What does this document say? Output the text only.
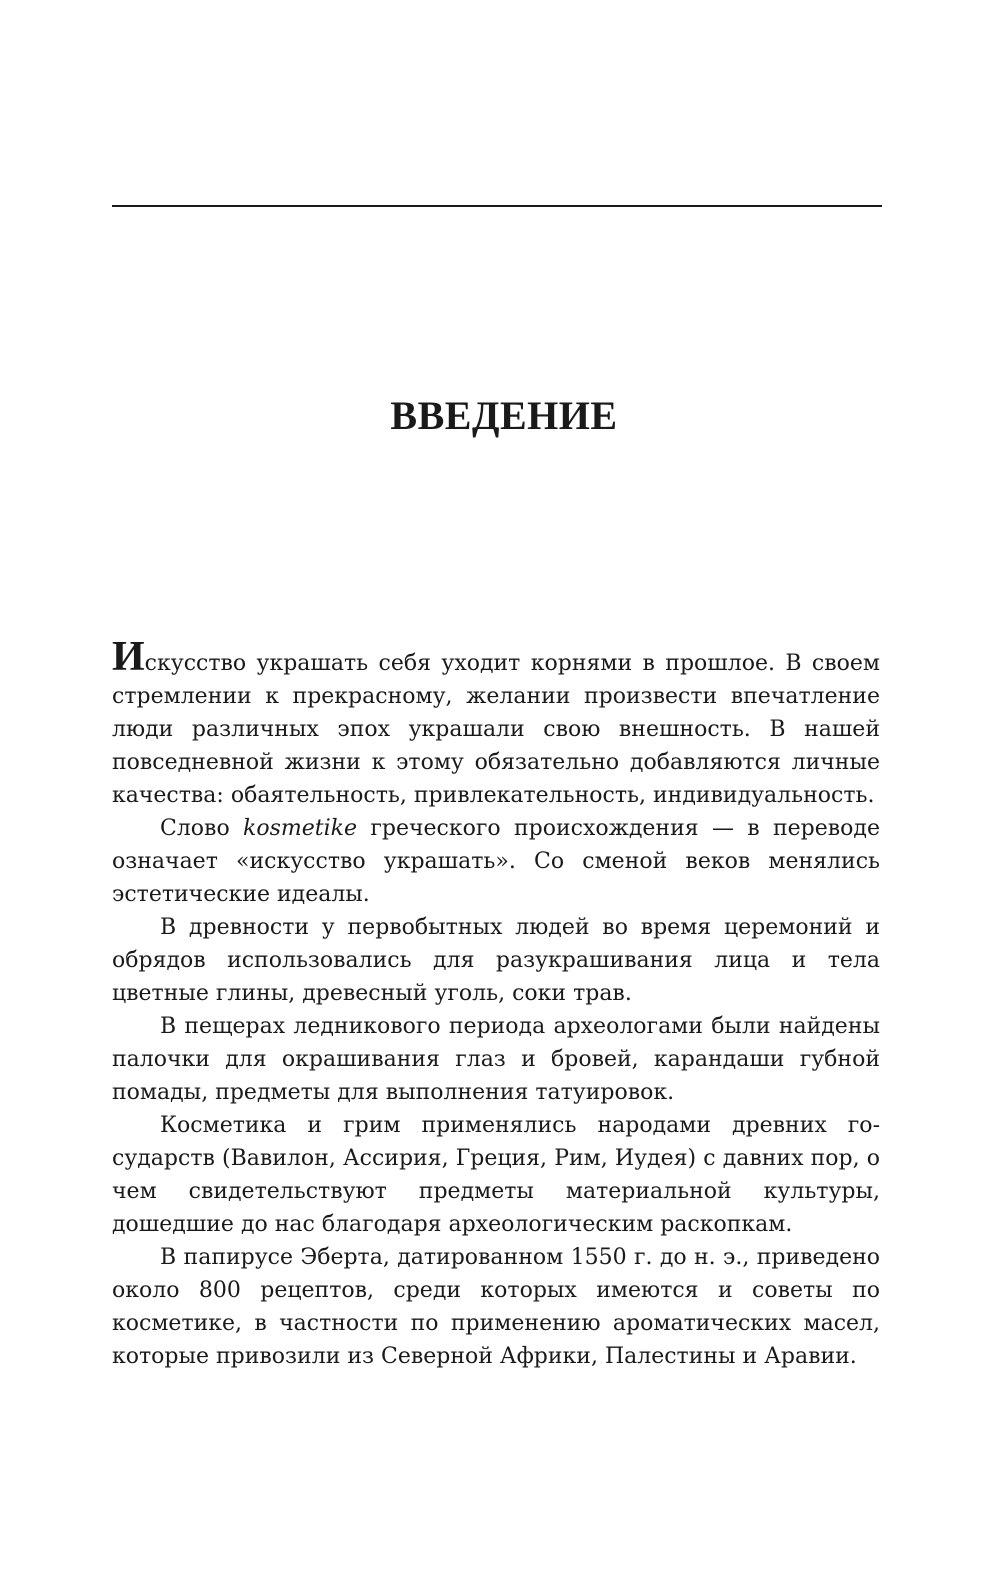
ВВЕДЕНИЕ

Искусство украшать себя уходит корнями в прошлое. В своем стремлении к прекрасному, желании произвести впечатление люди различных эпох украшали свою внешность. В нашей повседневной жизни к этому обязательно добавляются личные качества: обаятельность, привлекательность, индивидуальность.

Слово kosmetike греческого происхождения — в переводе означает «искусство украшать». Со сменой веков менялись эстетические идеалы.

В древности у первобытных людей во время церемоний и обрядов использовались для разукрашивания лица и тела цветные глины, древесный уголь, соки трав.

В пещерах ледникового периода археологами были найдены палочки для окрашивания глаз и бровей, карандаши губной помады, предметы для выполнения татуировок.

Косметика и грим применялись народами древних государств (Вавилон, Ассирия, Греция, Рим, Иудея) с давних пор, о чем свидетельствуют предметы материальной культуры, дошедшие до нас благодаря археологическим раскопкам.

В папирусе Эберта, датированном 1550 г. до н. э., приведено около 800 рецептов, среди которых имеются и советы по косметике, в частности по применению ароматических масел, которые привозили из Северной Африки, Палестины и Аравии.
